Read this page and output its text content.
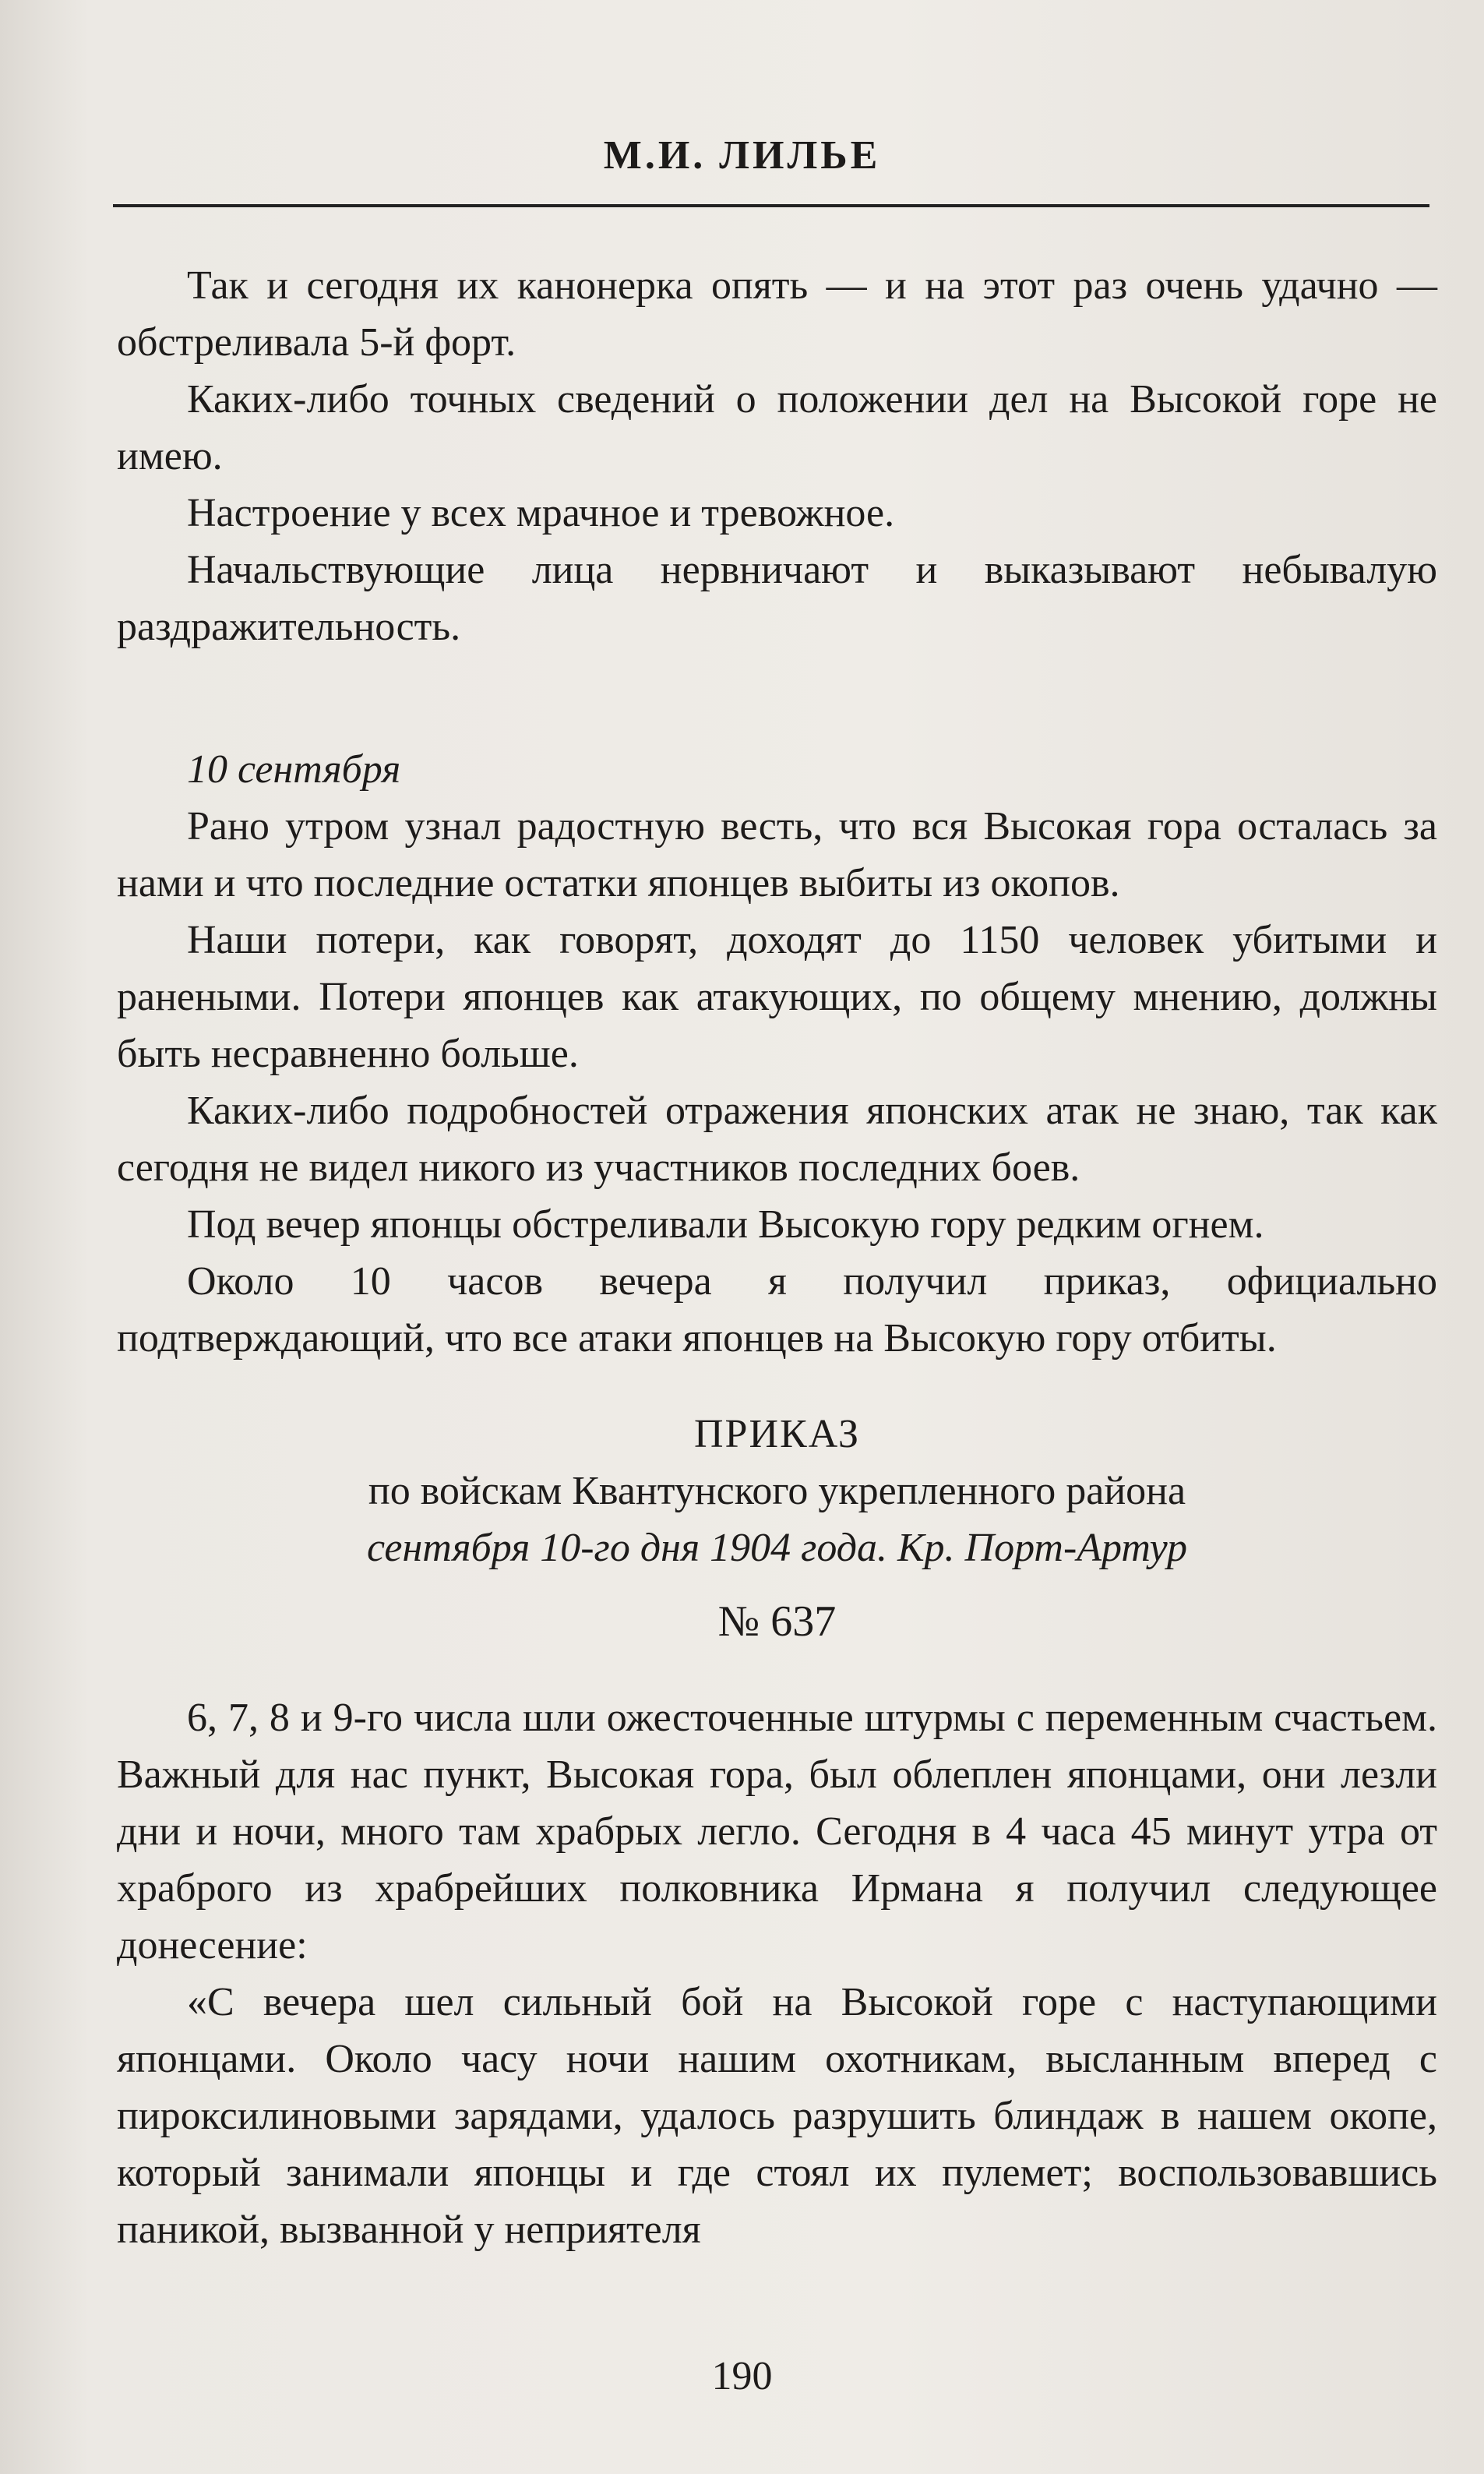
М.И. ЛИЛЬЕ

Так и сегодня их канонерка опять — и на этот раз очень удачно — обстреливала 5-й форт.

Каких-либо точных сведений о положении дел на Высокой горе не имею.

Настроение у всех мрачное и тревожное.

Начальствующие лица нервничают и выказывают небывалую раздражительность.

10 сентября

Рано утром узнал радостную весть, что вся Высокая гора осталась за нами и что последние остатки японцев выбиты из окопов.

Наши потери, как говорят, доходят до 1150 человек убитыми и ранеными. Потери японцев как атакующих, по общему мнению, должны быть несравненно больше.

Каких-либо подробностей отражения японских атак не знаю, так как сегодня не видел никого из участников последних боев.

Под вечер японцы обстреливали Высокую гору редким огнем.

Около 10 часов вечера я получил приказ, официально подтверждающий, что все атаки японцев на Высокую гору отбиты.

ПРИКАЗ

по войскам Квантунского укрепленного района

сентября 10-го дня 1904 года. Кр. Порт-Артур

№ 637

6, 7, 8 и 9-го числа шли ожесточенные штурмы с переменным счастьем. Важный для нас пункт, Высокая гора, был облеплен японцами, они лезли дни и ночи, много там храбрых легло. Сегодня в 4 часа 45 минут утра от храброго из храбрейших полковника Ирмана я получил следующее донесение:

«С вечера шел сильный бой на Высокой горе с наступающими японцами. Около часу ночи нашим охотникам, высланным вперед с пироксилиновыми зарядами, удалось разрушить блиндаж в нашем окопе, который занимали японцы и где стоял их пулемет; воспользовавшись паникой, вызванной у неприятеля

190
